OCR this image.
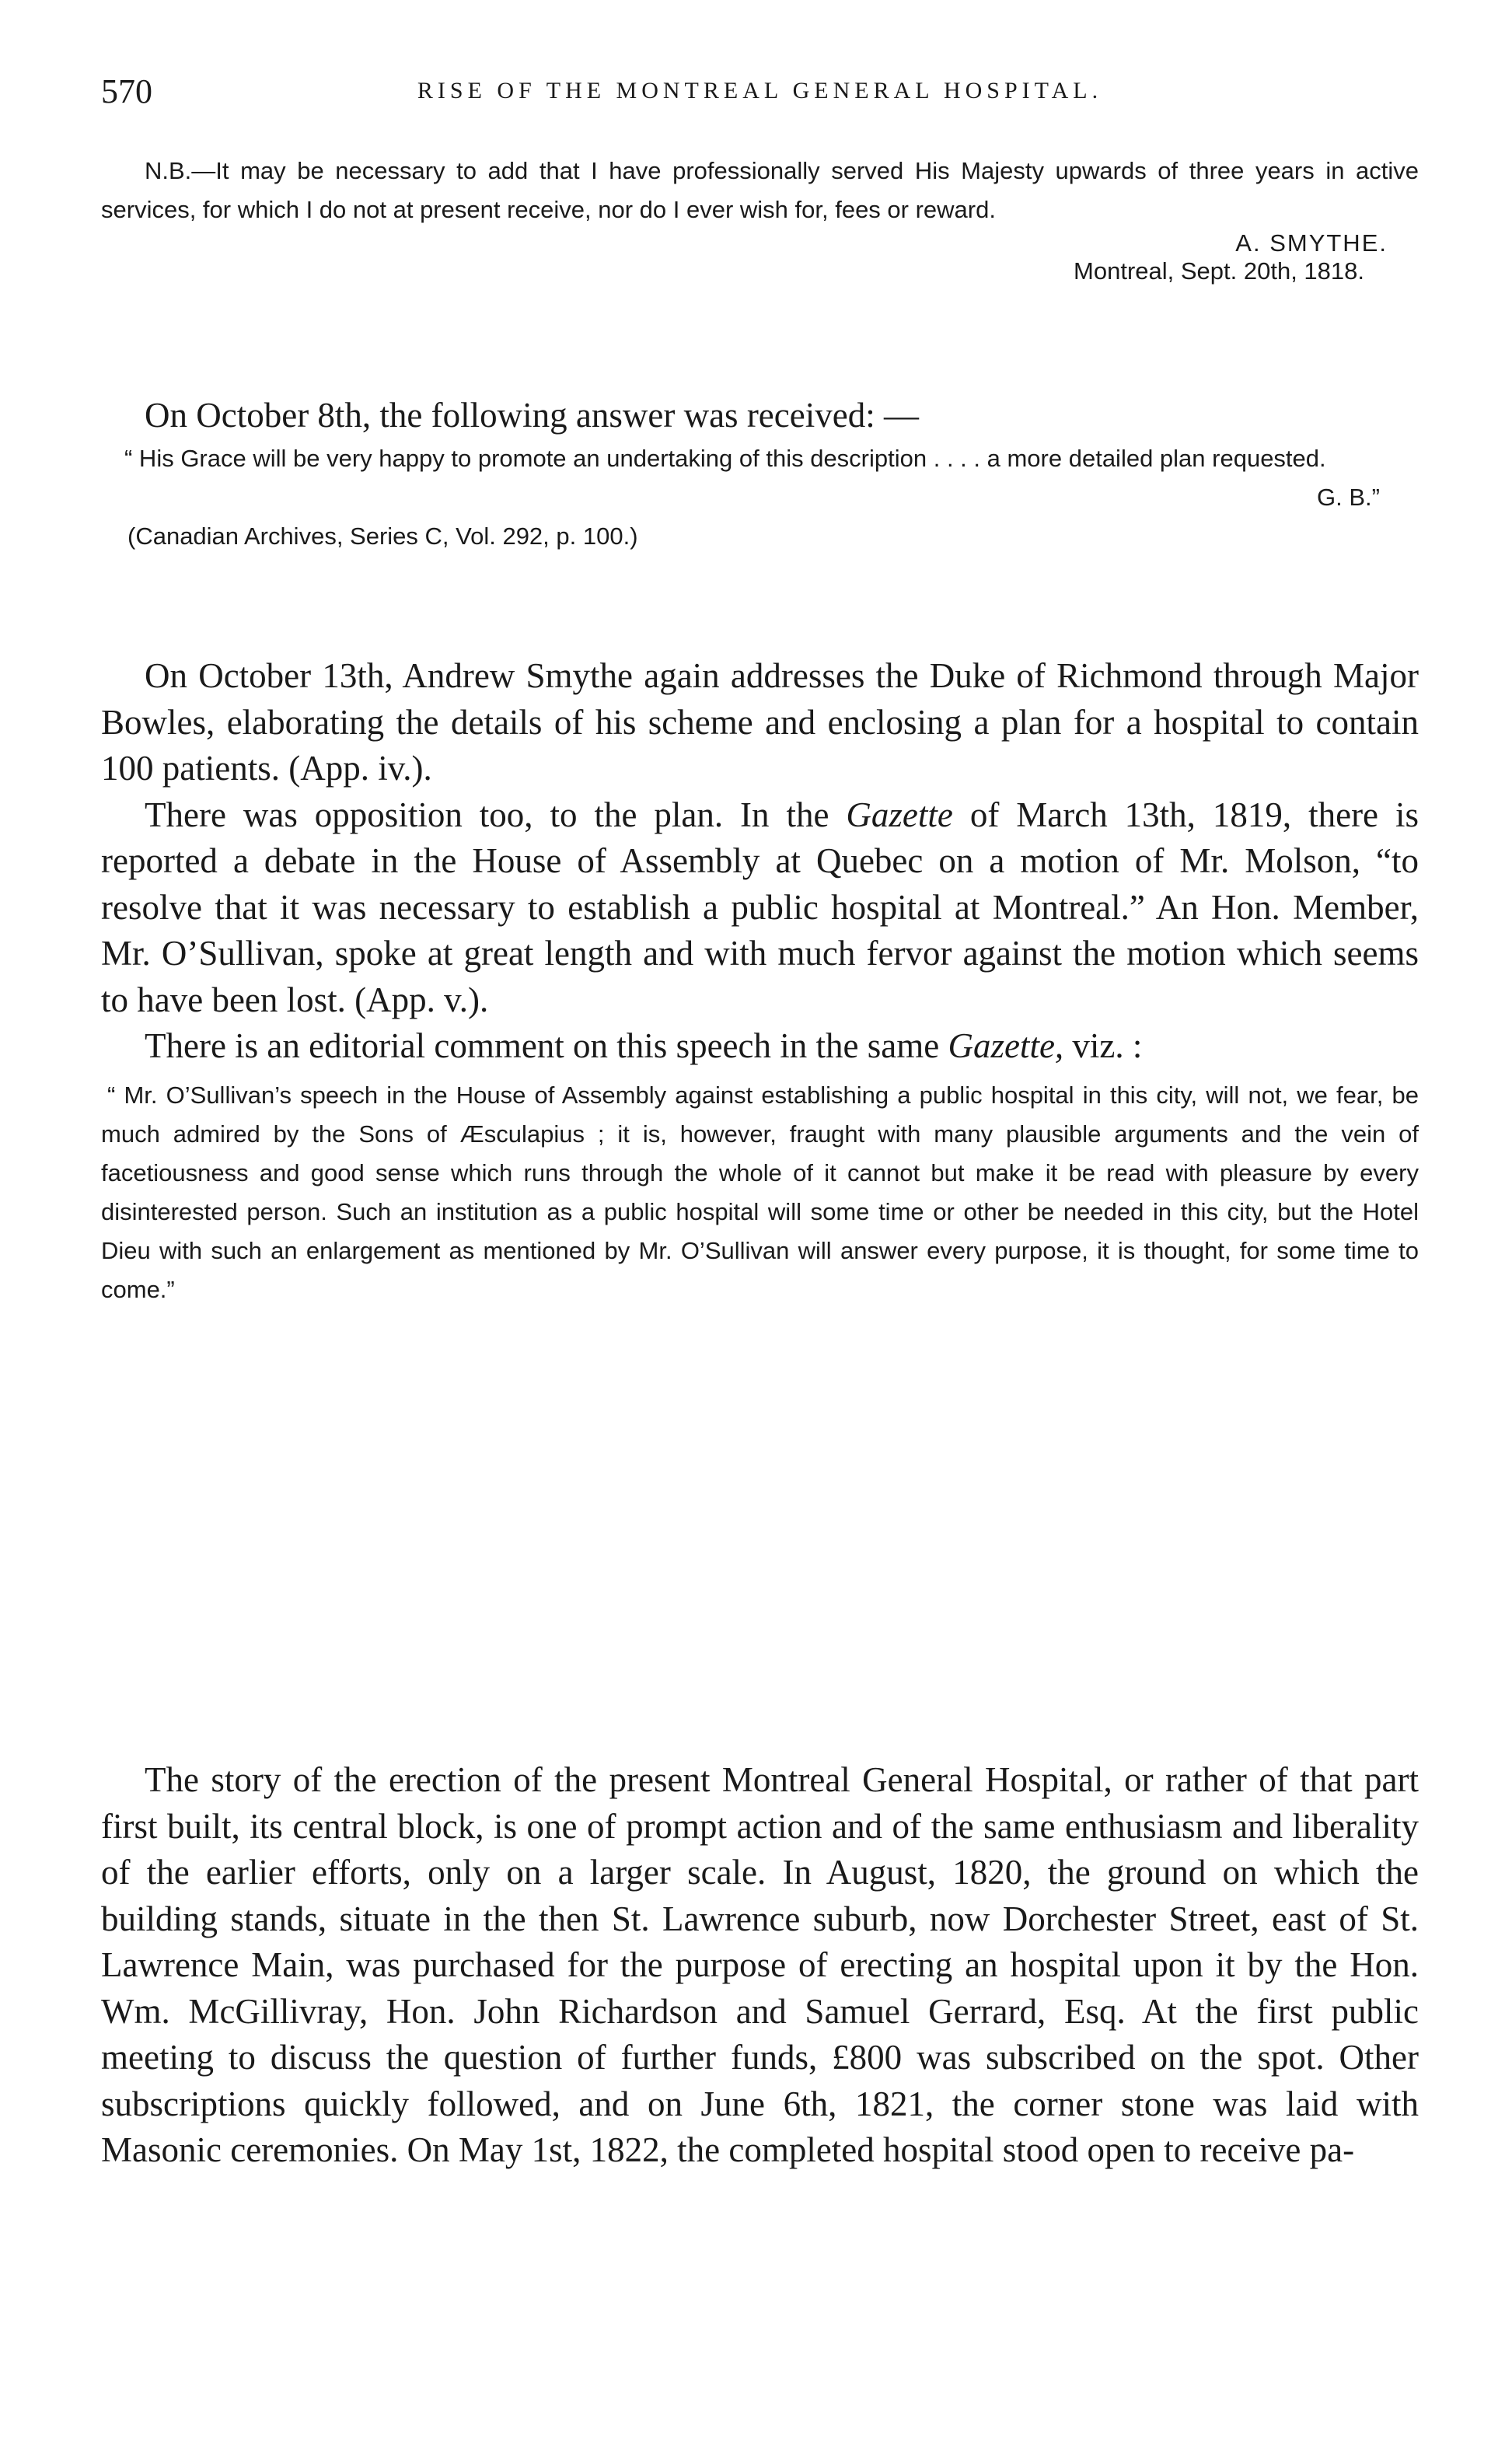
570	RISE OF THE MONTREAL GENERAL HOSPITAL.

N.B.—It may be necessary to add that I have professionally served His Majesty upwards of three years in active services, for which I do not at present receive, nor do I ever wish for, fees or reward.

A. SMYTHE.

Montreal, Sept. 20th, 1818.

On October 8th, the following answer was received: —

“ His Grace will be very happy to promote an undertaking of this description . . . . a more detailed plan requested.

G. B.”

(Canadian Archives, Series C, Vol. 292, p. 100.)

On October 13th, Andrew Smythe again addresses the Duke of Richmond through Major Bowles, elaborating the details of his scheme and enclosing a plan for a hospital to contain 100 patients. (App. iv.).

There was opposition too, to the plan. In the Gazette of March 13th, 1819, there is reported a debate in the House of Assembly at Quebec on a motion of Mr. Molson, “to resolve that it was necessary to establish a public hospital at Montreal.” An Hon. Member, Mr. O’Sullivan, spoke at great length and with much fervor against the motion which seems to have been lost. (App. v.).

There is an editorial comment on this speech in the same Gazette, viz. :

“ Mr. O’Sullivan’s speech in the House of Assembly against establishing a public hospital in this city, will not, we fear, be much admired by the Sons of Æsculapius ; it is, however, fraught with many plausible arguments and the vein of facetiousness and good sense which runs through the whole of it cannot but make it be read with pleasure by every disinterested person. Such an institution as a public hospital will some time or other be needed in this city, but the Hotel Dieu with such an enlargement as mentioned by Mr. O’Sullivan will answer every purpose, it is thought, for some time to come.”

The story of the erection of the present Montreal General Hospital, or rather of that part first built, its central block, is one of prompt action and of the same enthusiasm and liberality of the earlier efforts, only on a larger scale. In August, 1820, the ground on which the building stands, situate in the then St. Lawrence suburb, now Dorchester Street, east of St. Lawrence Main, was purchased for the purpose of erecting an hospital upon it by the Hon. Wm. McGillivray, Hon. John Richardson and Samuel Gerrard, Esq. At the first public meeting to discuss the question of further funds, £800 was subscribed on the spot. Other subscriptions quickly followed, and on June 6th, 1821, the corner stone was laid with Masonic ceremonies. On May 1st, 1822, the completed hospital stood open to receive pa-
